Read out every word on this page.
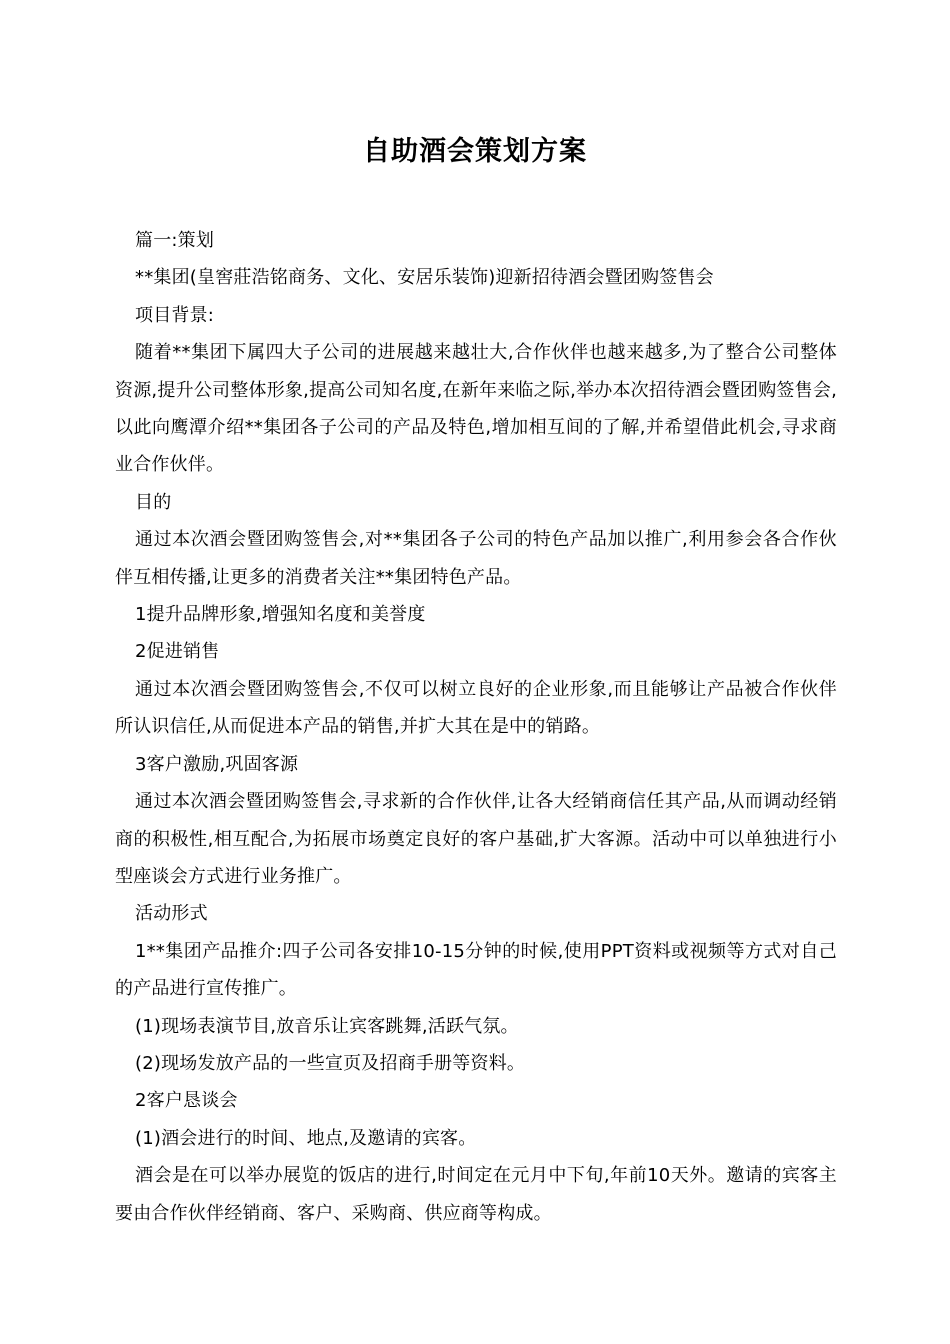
自助酒会策划方案

篇一:策划

**集团(皇窖莊浩铭商务、文化、安居乐装饰)迎新招待酒会暨团购签售会

项目背景:

随着**集团下属四大子公司的进展越来越壮大,合作伙伴也越来越多,为了整合公司整体资源,提升公司整体形象,提高公司知名度,在新年来临之际,举办本次招待酒会暨团购签售会,以此向鹰潭介绍**集团各子公司的产品及特色,增加相互间的了解,并希望借此机会,寻求商业合作伙伴。

目的

通过本次酒会暨团购签售会,对**集团各子公司的特色产品加以推广,利用参会各合作伙伴互相传播,让更多的消费者关注**集团特色产品。

1提升品牌形象,增强知名度和美誉度

2促进销售

通过本次酒会暨团购签售会,不仅可以树立良好的企业形象,而且能够让产品被合作伙伴所认识信任,从而促进本产品的销售,并扩大其在是中的销路。

3客户激励,巩固客源

通过本次酒会暨团购签售会,寻求新的合作伙伴,让各大经销商信任其产品,从而调动经销商的积极性,相互配合,为拓展市场奠定良好的客户基础,扩大客源。活动中可以单独进行小型座谈会方式进行业务推广。

活动形式

1**集团产品推介:四子公司各安排10-15分钟的时候,使用PPT资料或视频等方式对自己的产品进行宣传推广。

(1)现场表演节目,放音乐让宾客跳舞,活跃气氛。

(2)现场发放产品的一些宣页及招商手册等资料。

2客户恳谈会

(1)酒会进行的时间、地点,及邀请的宾客。

酒会是在可以举办展览的饭店的进行,时间定在元月中下旬,年前10天外。邀请的宾客主要由合作伙伴经销商、客户、采购商、供应商等构成。
